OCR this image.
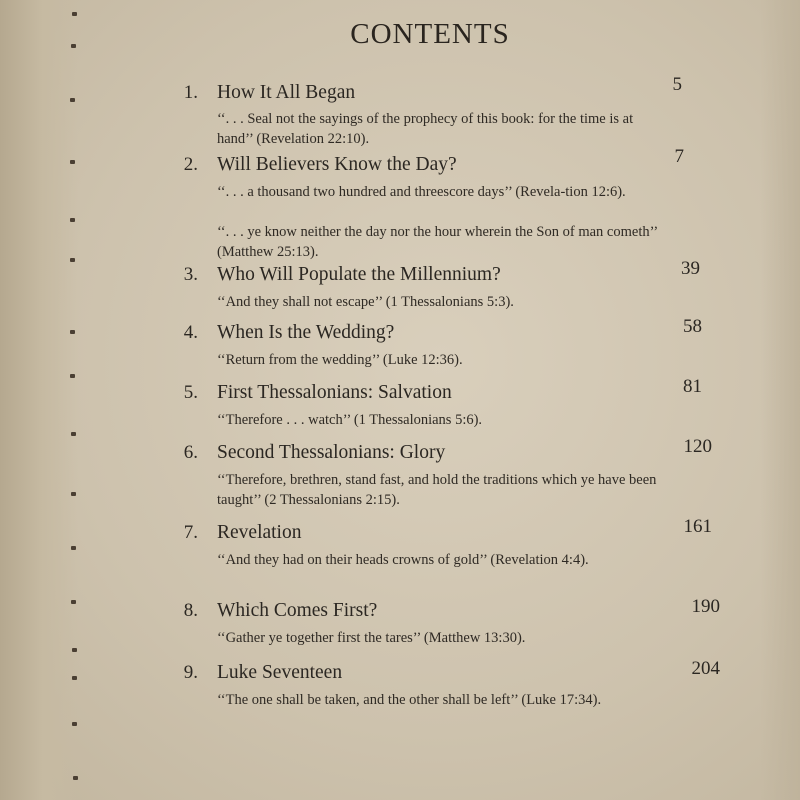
CONTENTS
1. How It All Began	5
‘‘. . . Seal not the sayings of the prophecy of this book: for the time is at hand’’ (Revelation 22:10).
2. Will Believers Know the Day?	7
‘‘. . . a thousand two hundred and threescore days’’ (Revela-tion 12:6).
‘‘. . . ye know neither the day nor the hour wherein the Son of man cometh’’ (Matthew 25:13).
3. Who Will Populate the Millennium?	39
‘‘And they shall not escape’’ (1 Thessalonians 5:3).
4. When Is the Wedding?	58
‘‘Return from the wedding’’ (Luke 12:36).
5. First Thessalonians: Salvation	81
‘‘Therefore . . . watch’’ (1 Thessalonians 5:6).
6. Second Thessalonians: Glory	120
‘‘Therefore, brethren, stand fast, and hold the traditions which ye have been taught’’ (2 Thessalonians 2:15).
7. Revelation	161
‘‘And they had on their heads crowns of gold’’ (Revelation 4:4).
8. Which Comes First?	190
‘‘Gather ye together first the tares’’ (Matthew 13:30).
9. Luke Seventeen	204
‘‘The one shall be taken, and the other shall be left’’ (Luke 17:34).
